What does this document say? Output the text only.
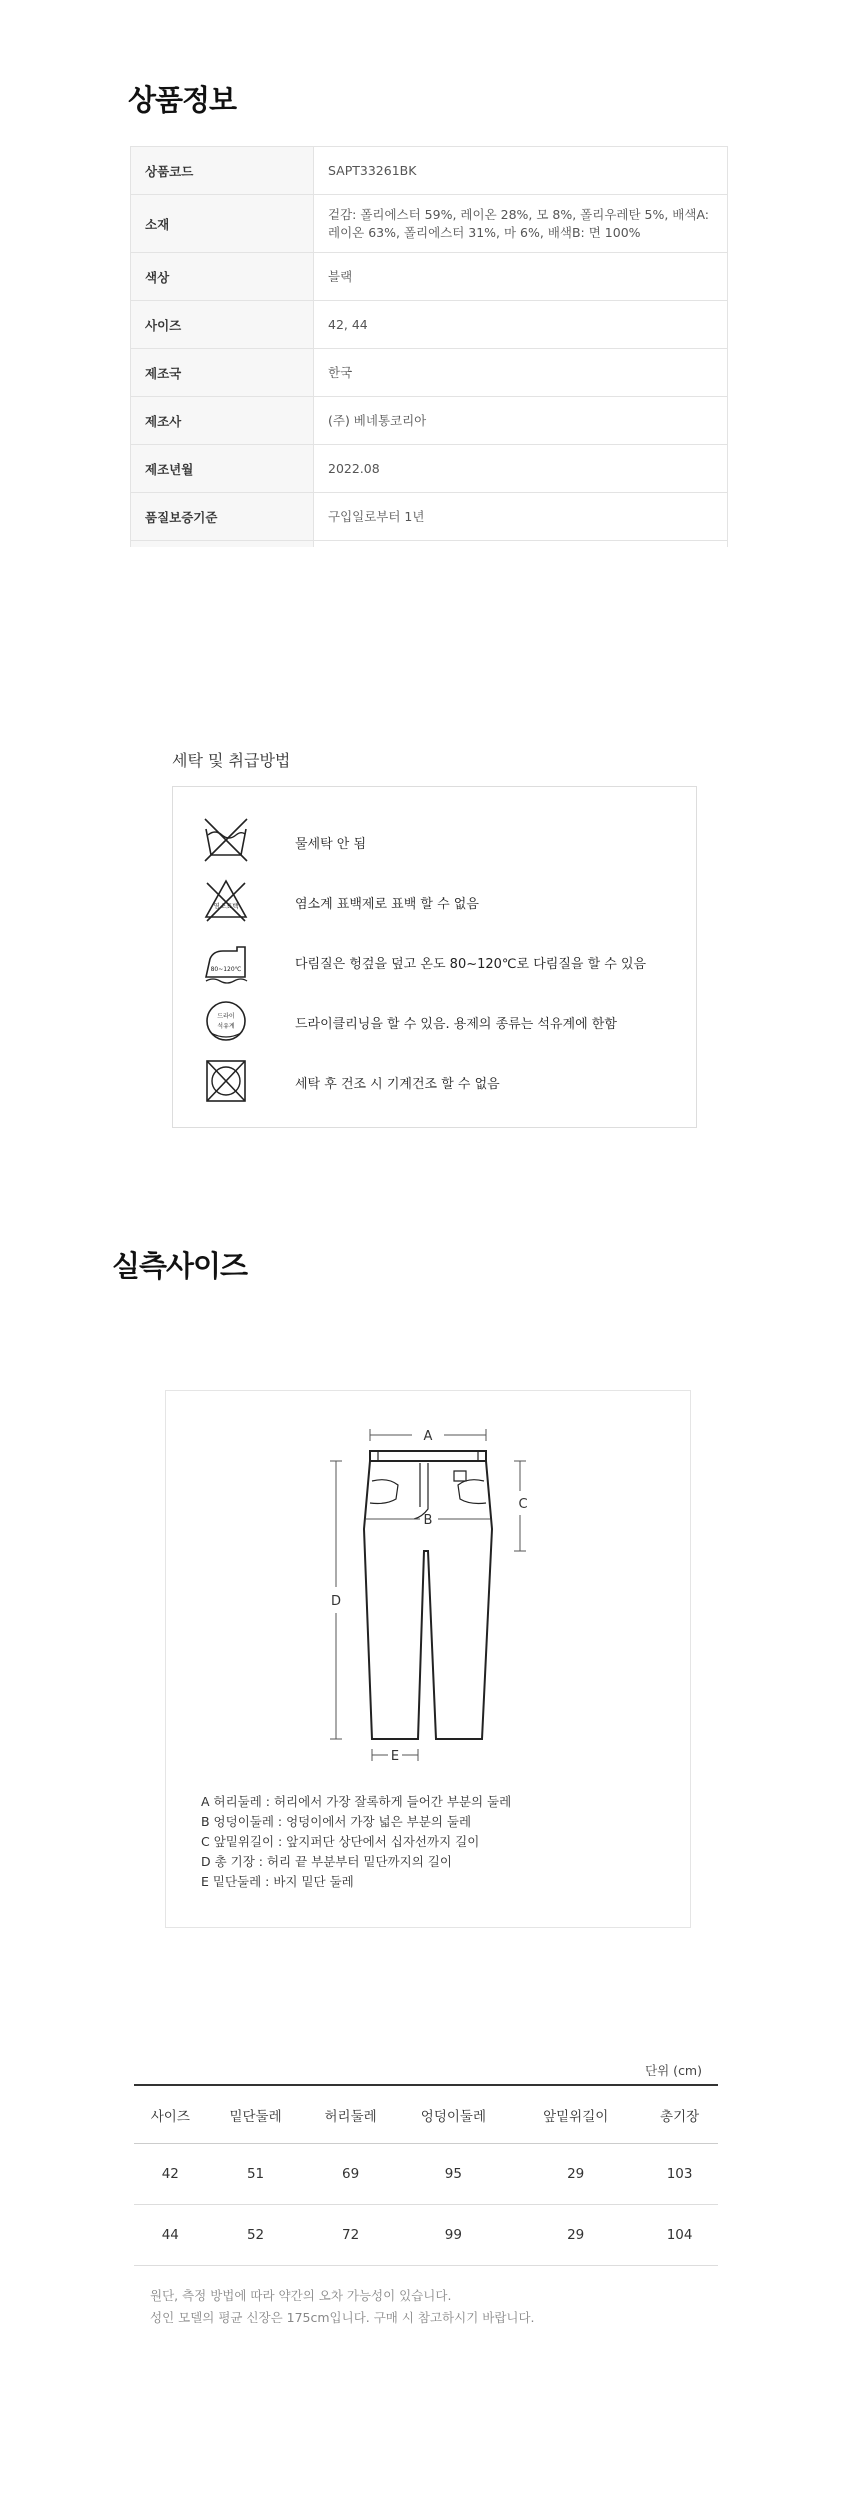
상품정보
상품코드	SAPT33261BK
소재	겉감: 폴리에스터 59%, 레이온 28%, 모 8%, 폴리우레탄 5%, 배색A: 레이온 63%, 폴리에스터 31%, 마 6%, 배색B: 면 100%
색상	블랙
사이즈	42, 44
제조국	한국
제조사	(주) 베네통코리아
제조년월	2022.08
품질보증기준	구입일로부터 1년

세탁 및 취급방법
물세탁 안 됨
염소표백	염소계 표백제로 표백 할 수 없음
80~120℃	다림질은 헝겊을 덮고 온도 80~120℃로 다림질을 할 수 있음
드라이
석유계	드라이클리닝을 할 수 있음. 용제의 종류는 석유계에 한함
세탁 후 건조 시 기계건조 할 수 없음
실측사이즈
A
B
C
D
E
A 허리둘레 : 허리에서 가장 잘록하게 들어간 부분의 둘레
B 엉덩이둘레 : 엉덩이에서 가장 넓은 부분의 둘레
C 앞밑위길이 : 앞지퍼단 상단에서 십자선까지 길이
D 총 기장 : 허리 끝 부분부터 밑단까지의 길이
E 밑단둘레 : 바지 밑단 둘레
단위 (cm)
사이즈	밑단둘레	허리둘레	엉덩이둘레	앞밑위길이	총기장
42	51	69	95	29	103
44	52	72	99	29	104
원단, 측정 방법에 따라 약간의 오차 가능성이 있습니다.
성인 모델의 평균 신장은 175cm입니다. 구매 시 참고하시기 바랍니다.
